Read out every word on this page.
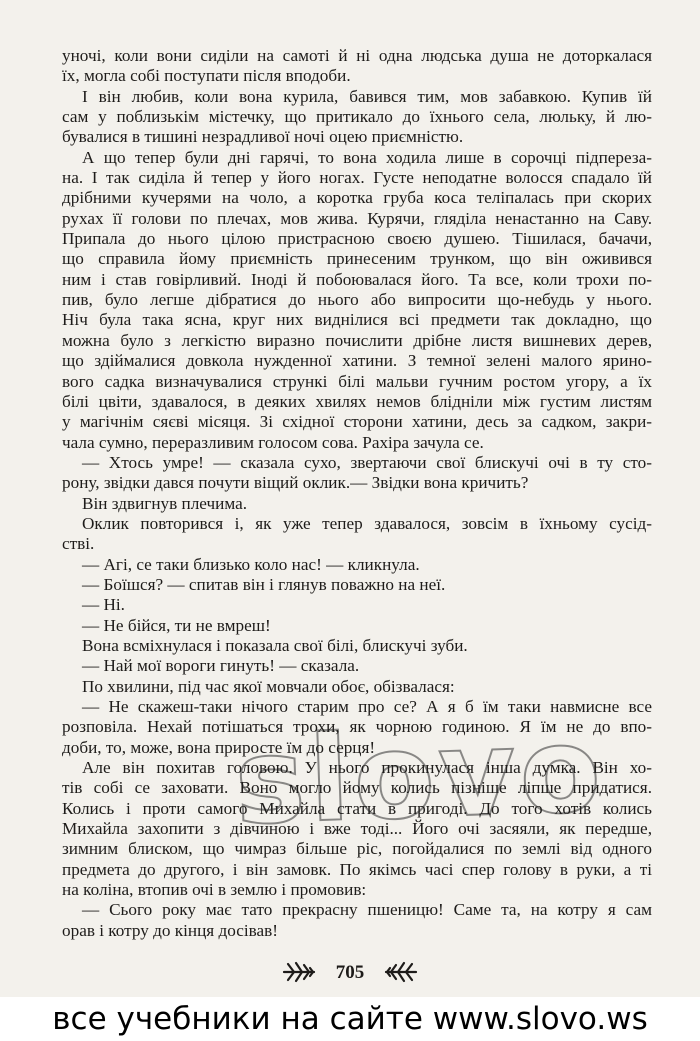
уночі, коли вони сиділи на самоті й ні одна людська душа не доторкалася
їх, могла собі поступати після вподоби.
І він любив, коли вона курила, бавився тим, мов забавкою. Купив їй
сам у поблизькім містечку, що притикало до їхнього села, люльку, й лю-
бувалися в тишині незрадливої ночі оцею приємністю.
А що тепер були дні гарячі, то вона ходила лише в сорочці підпереза-
на. І так сиділа й тепер у його ногах. Густе неподатне волосся спадало їй
дрібними кучерями на чоло, а коротка груба коса теліпалась при скорих
рухах її голови по плечах, мов жива. Курячи, гляділа ненастанно на Саву.
Припала до нього цілою пристрасною своєю душею. Тішилася, бачачи,
що справила йому приємність принесеним трунком, що він оживився
ним і став говірливий. Іноді й побоювалася його. Та все, коли трохи по-
пив, було легше дібратися до нього або випросити що-небудь у нього.
Ніч була така ясна, круг них виднілися всі предмети так докладно, що
можна було з легкістю виразно почислити дрібне листя вишневих дерев,
що здіймалися довкола нужденної хатини. З темної зелені малого ярино-
вого садка визначувалися стрункі білі мальви гучним ростом угору, а їх
білі цвіти, здавалося, в деяких хвилях немов блідніли між густим листям
у магічнім сяєві місяця. Зі східної сторони хатини, десь за садком, закри-
чала сумно, переразливим голосом сова. Рахіра зачула се.
— Хтось умре! — сказала сухо, звертаючи свої блискучі очі в ту сто-
рону, звідки дався почути віщий оклик.— Звідки вона кричить?
Він здвигнув плечима.
Оклик повторився і, як уже тепер здавалося, зовсім в їхньому сусід-
стві.
— Агі, се таки близько коло нас! — кликнула.
— Боїшся? — спитав він і глянув поважно на неї.
— Ні.
— Не бійся, ти не вмреш!
Вона всміхнулася і показала свої білі, блискучі зуби.
— Най мої вороги гинуть! — сказала.
По хвилини, під час якої мовчали обоє, обізвалася:
— Не скажеш-таки нічого старим про се? А я б їм таки навмисне все
розповіла. Нехай потішаться трохи, як чорною годиною. Я їм не до впо-
доби, то, може, вона приросте їм до серця!
Але він похитав головою. У нього прокинулася інша думка. Він хо-
тів собі се заховати. Воно могло йому колись пізніше ліпше придатися.
Колись і проти самого Михайла стати в пригоді. До того хотів колись
Михайла захопити з дівчиною і вже тоді... Його очі засяяли, як передше,
зимним блиском, що чимраз більше ріс, погойдалися по землі від одного
предмета до другого, і він замовк. По якімсь часі спер голову в руки, а ті
на коліна, втопив очі в землю і промовив:
— Сього року має тато прекрасну пшеницю! Саме та, на котру я сам
орав і котру до кінця досівав!
705
все учебники на сайте www.slovo.ws
